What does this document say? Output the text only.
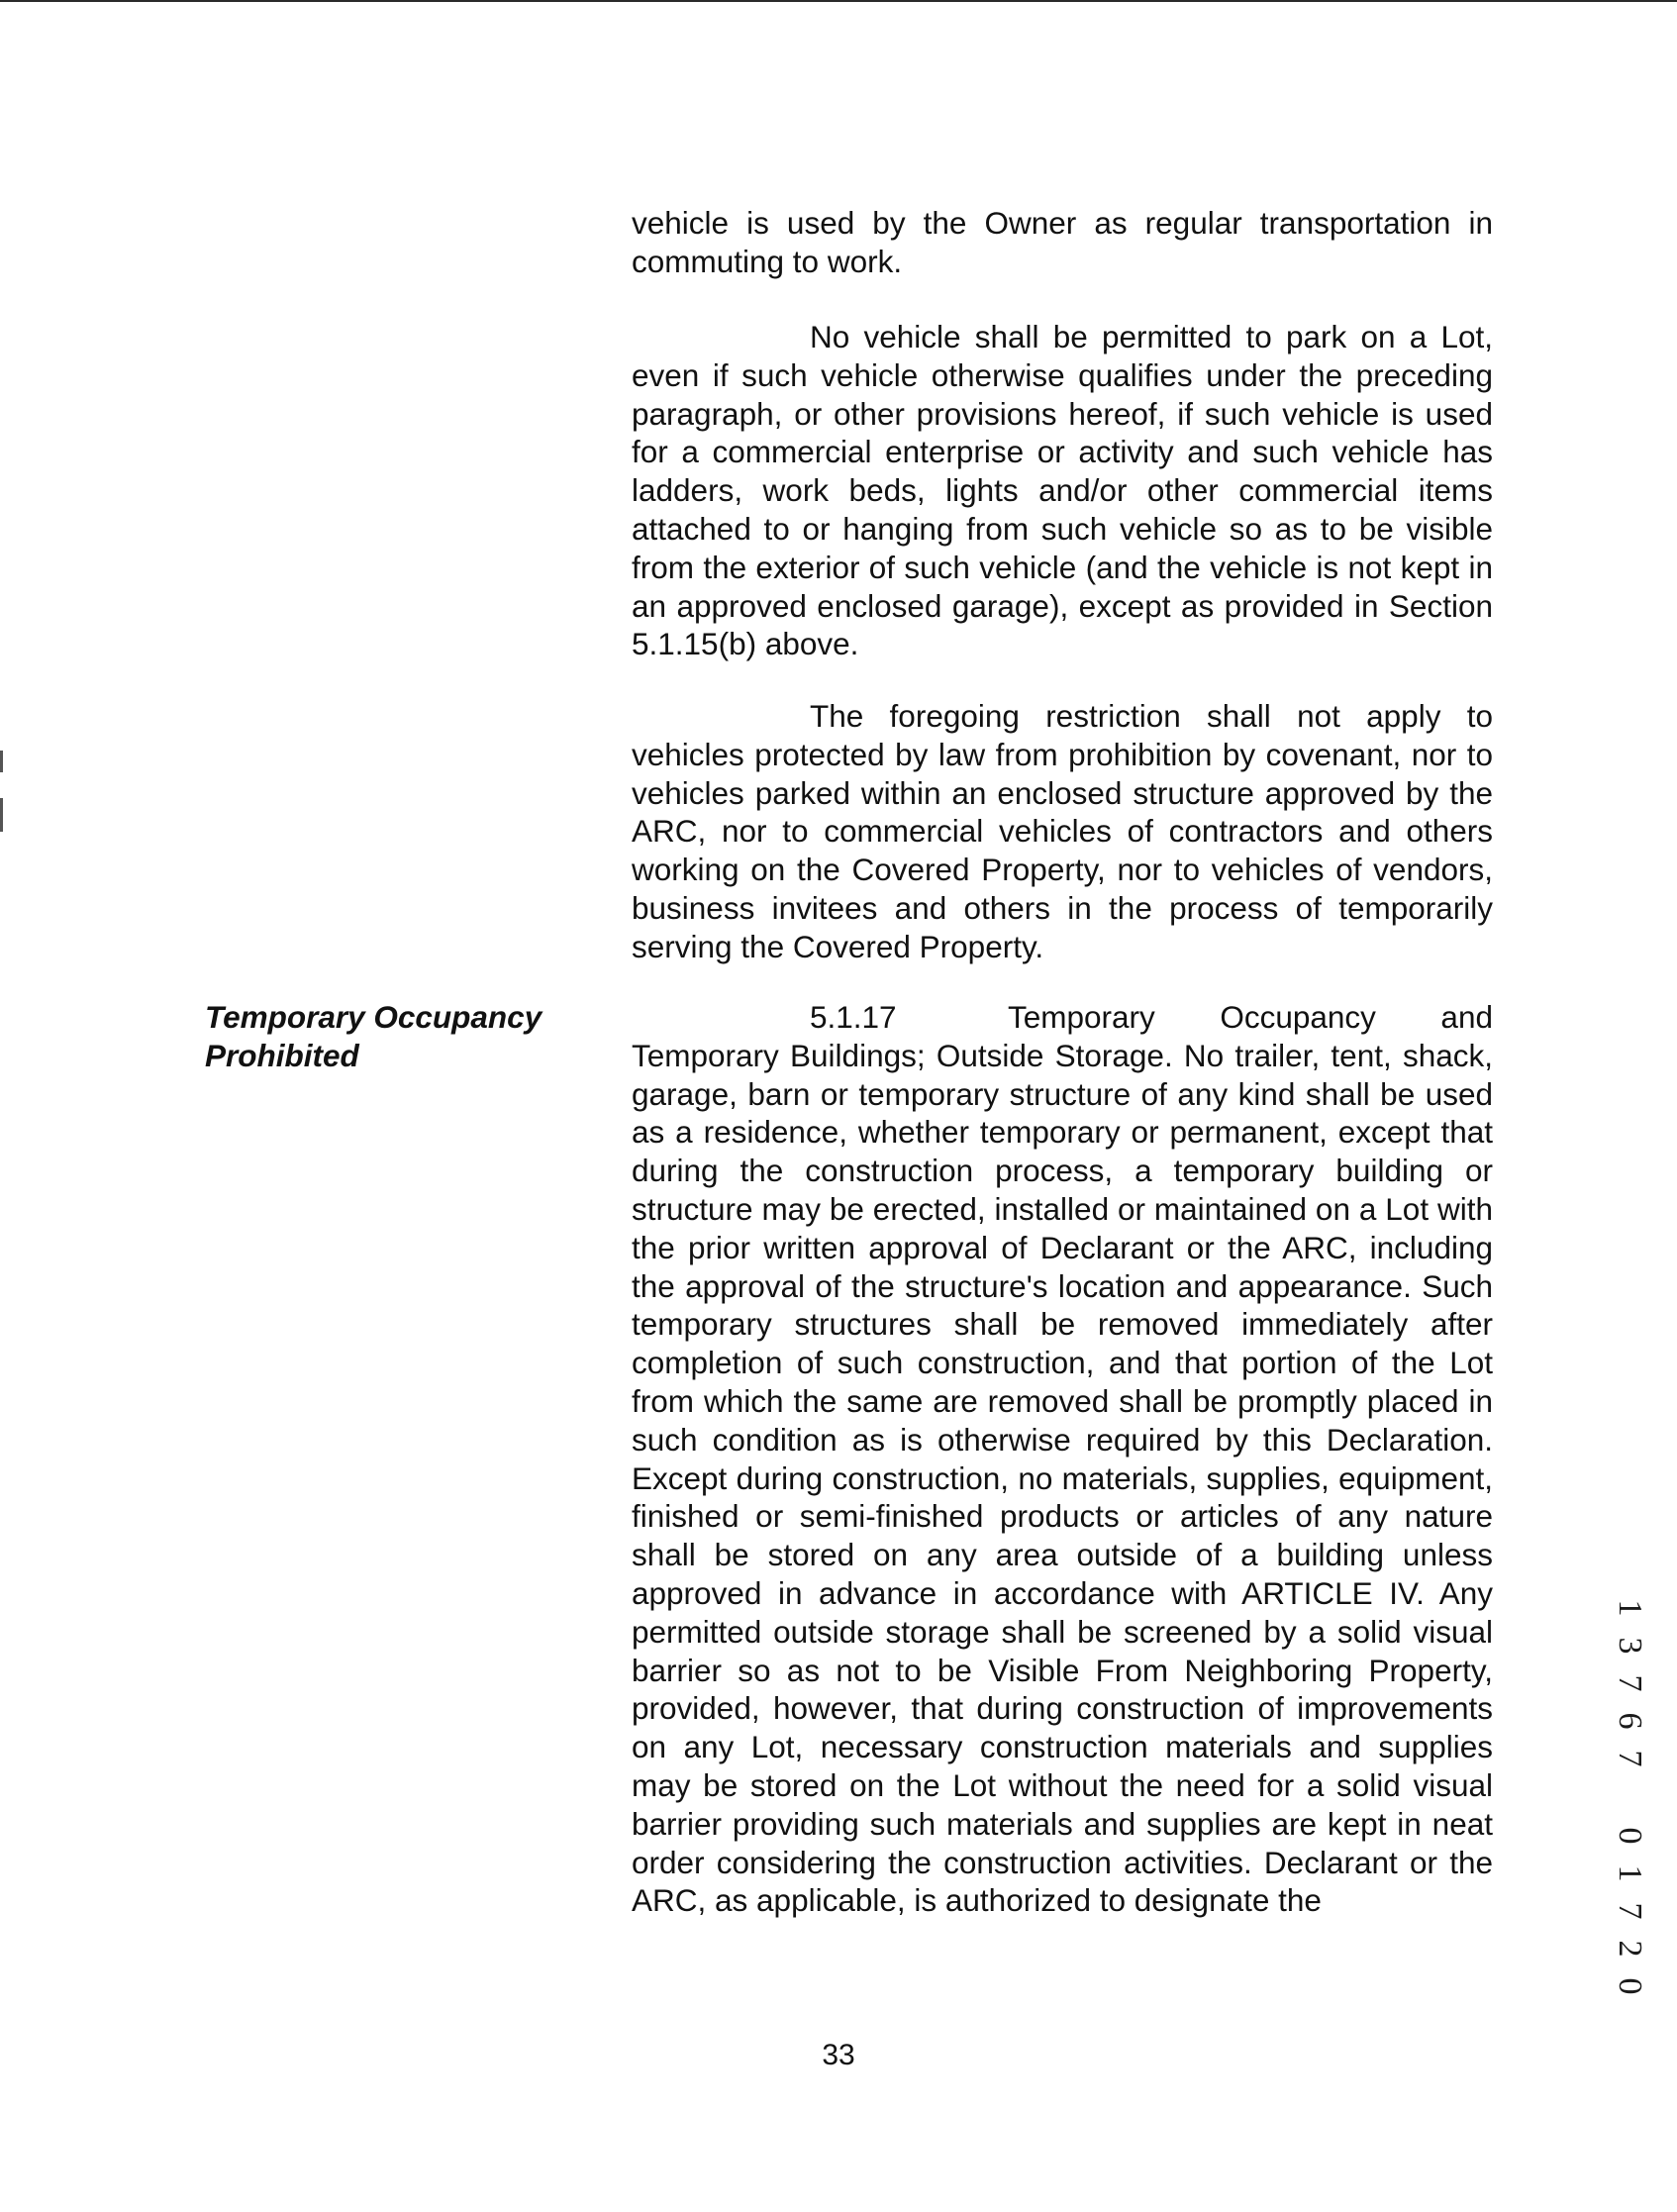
vehicle is used by the Owner as regular transportation in commuting to work.

No vehicle shall be permitted to park on a Lot, even if such vehicle otherwise qualifies under the preceding paragraph, or other provisions hereof, if such vehicle is used for a commercial enterprise or activity and such vehicle has ladders, work beds, lights and/or other commercial items attached to or hanging from such vehicle so as to be visible from the exterior of such vehicle (and the vehicle is not kept in an approved enclosed garage), except as provided in Section 5.1.15(b) above.

The foregoing restriction shall not apply to vehicles protected by law from prohibition by covenant, nor to vehicles parked within an enclosed structure approved by the ARC, nor to commercial vehicles of contractors and others working on the Covered Property, nor to vehicles of vendors, business invitees and others in the process of temporarily serving the Covered Property.

Temporary Occupancy Prohibited

5.1.17	Temporary Occupancy and Temporary Buildings; Outside Storage. No trailer, tent, shack, garage, barn or temporary structure of any kind shall be used as a residence, whether temporary or permanent, except that during the construction process, a temporary building or structure may be erected, installed or maintained on a Lot with the prior written approval of Declarant or the ARC, including the approval of the structure's location and appearance. Such temporary structures shall be removed immediately after completion of such construction, and that portion of the Lot from which the same are removed shall be promptly placed in such condition as is otherwise required by this Declaration. Except during construction, no materials, supplies, equipment, finished or semi-finished products or articles of any nature shall be stored on any area outside of a building unless approved in advance in accordance with ARTICLE IV. Any permitted outside storage shall be screened by a solid visual barrier so as not to be Visible From Neighboring Property, provided, however, that during construction of improvements on any Lot, necessary construction materials and supplies may be stored on the Lot without the need for a solid visual barrier providing such materials and supplies are kept in neat order considering the construction activities. Declarant or the ARC, as applicable, is authorized to designate the
33
1
3
7
6
7
0
1
7
2
0
